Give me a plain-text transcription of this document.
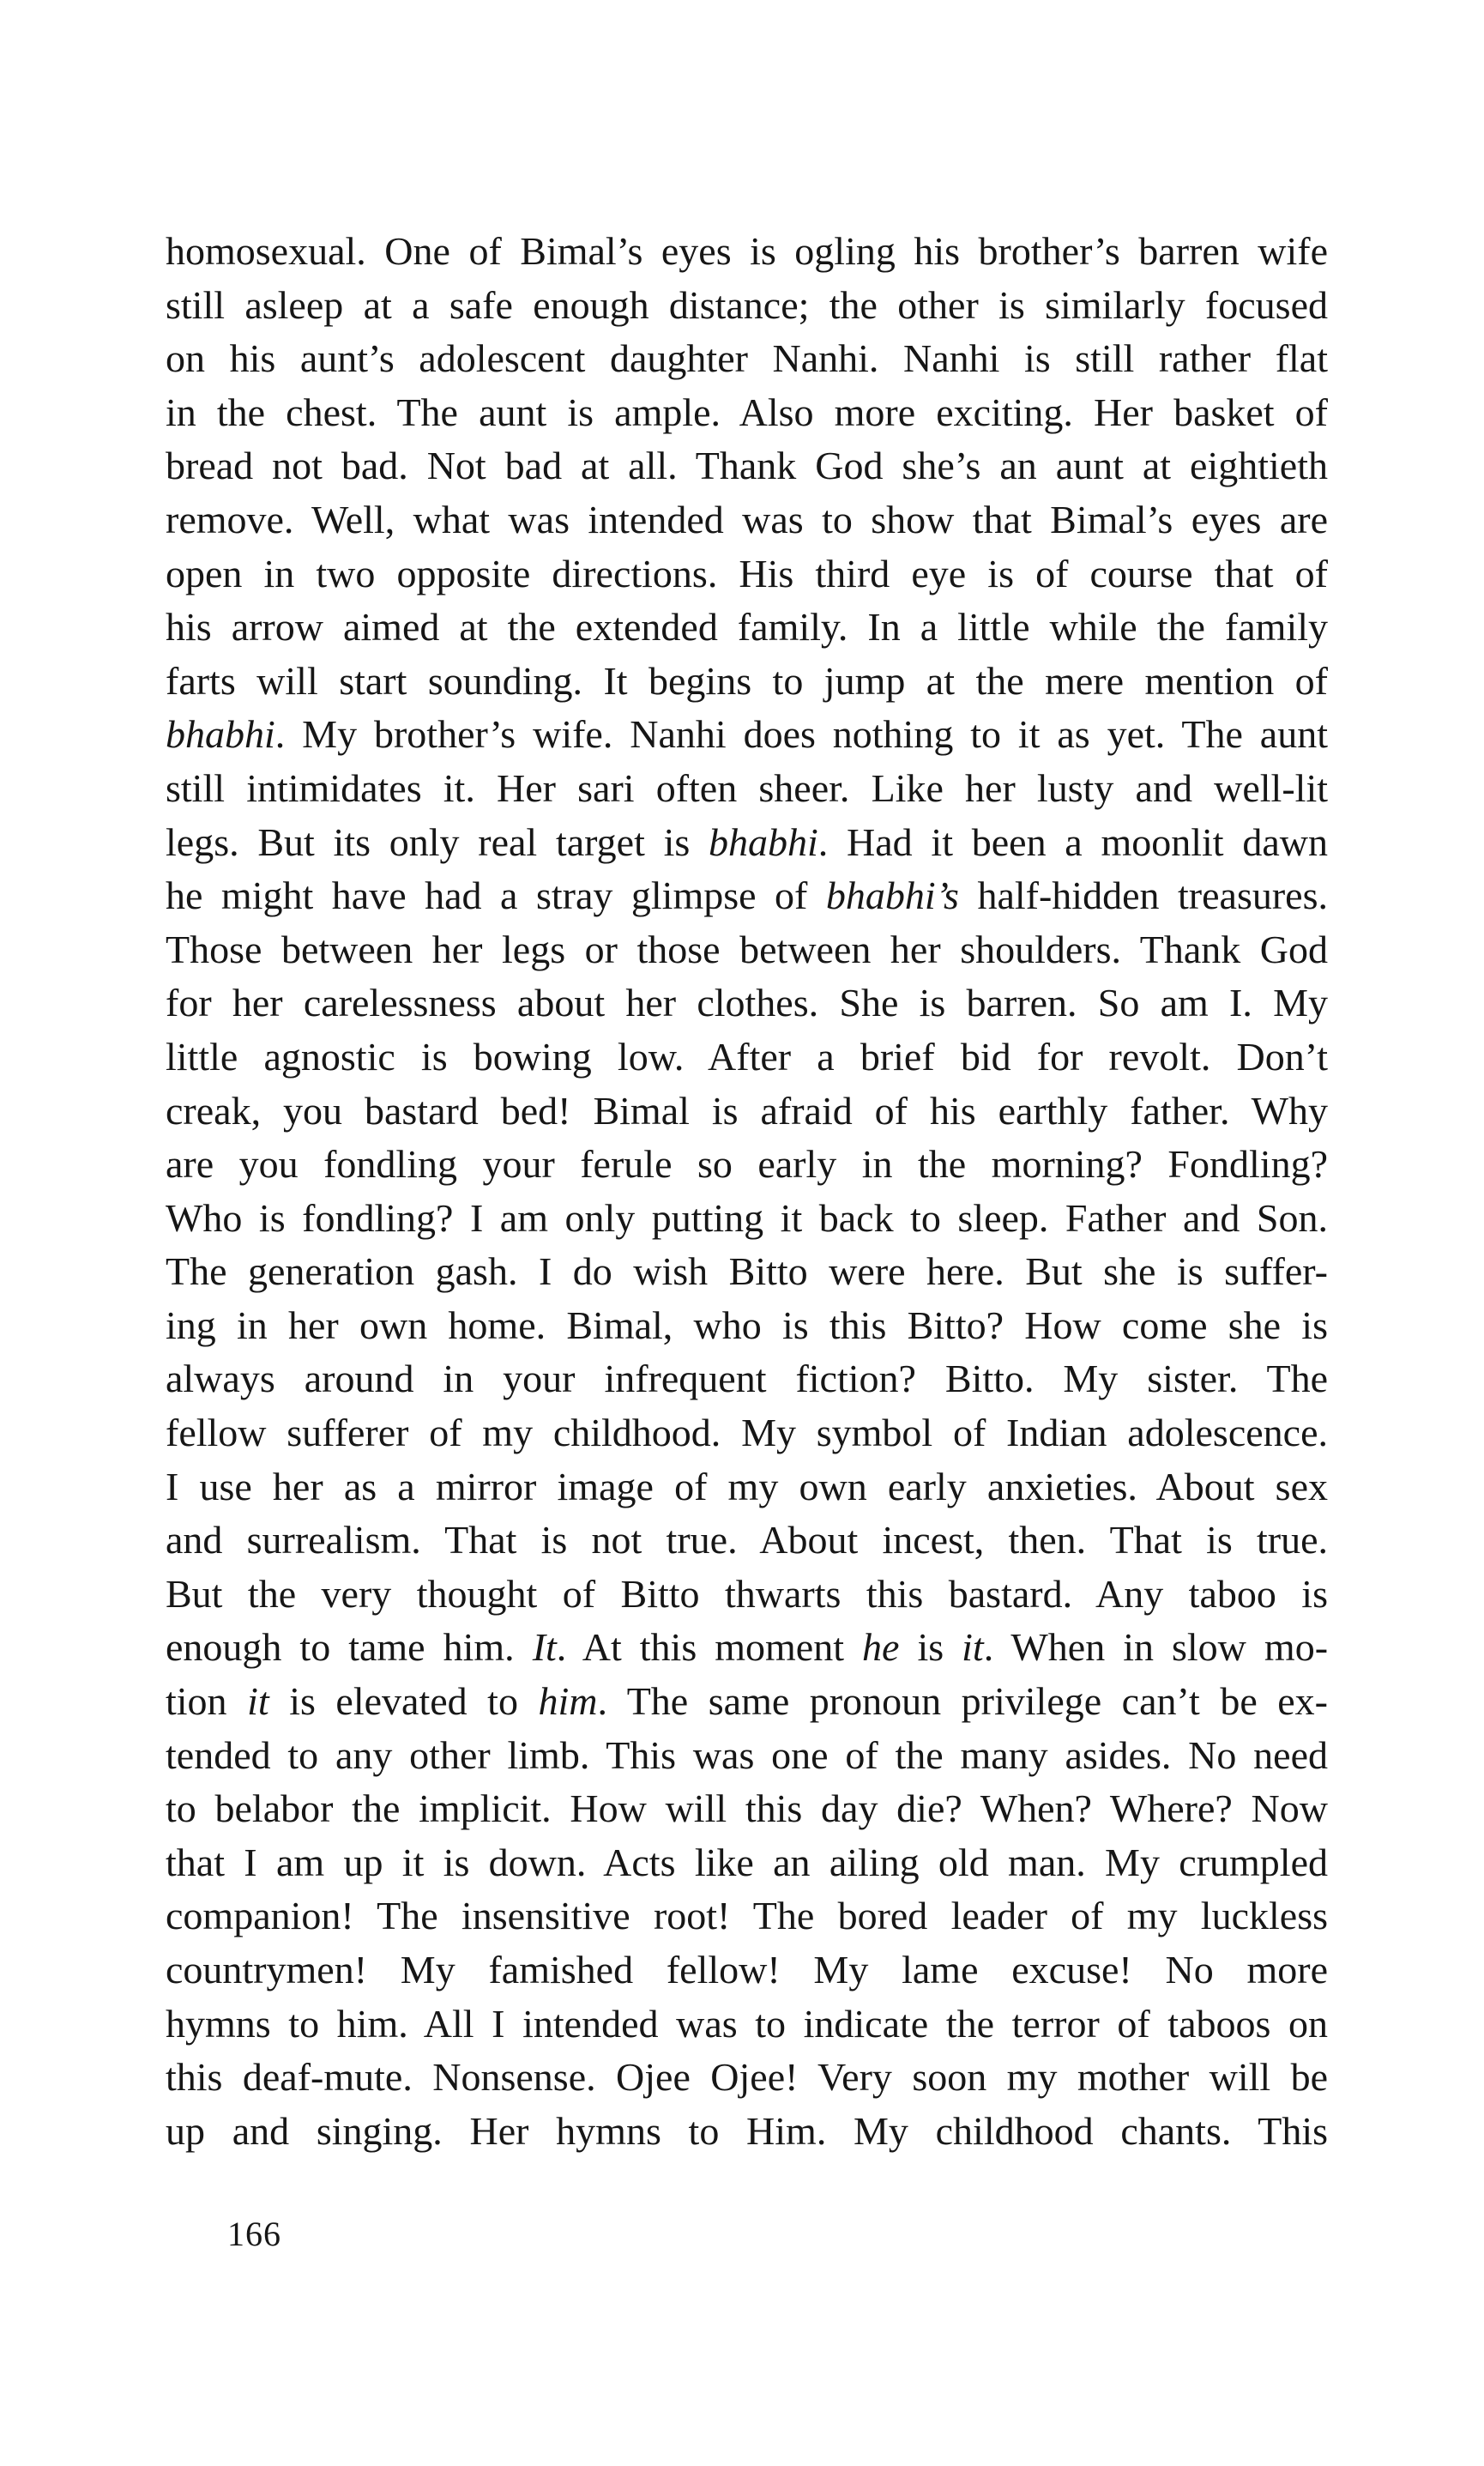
homosexual. One of Bimal’s eyes is ogling his brother’s barren wife
still asleep at a safe enough distance; the other is similarly focused
on his aunt’s adolescent daughter Nanhi. Nanhi is still rather flat
in the chest. The aunt is ample. Also more exciting. Her basket of
bread not bad. Not bad at all. Thank God she’s an aunt at eightieth
remove. Well, what was intended was to show that Bimal’s eyes are
open in two opposite directions. His third eye is of course that of
his arrow aimed at the extended family. In a little while the family
farts will start sounding. It begins to jump at the mere mention of
bhabhi. My brother’s wife. Nanhi does nothing to it as yet. The aunt
still intimidates it. Her sari often sheer. Like her lusty and well-lit
legs. But its only real target is bhabhi. Had it been a moonlit dawn
he might have had a stray glimpse of bhabhi’s half-hidden treasures.
Those between her legs or those between her shoulders. Thank God
for her carelessness about her clothes. She is barren. So am I. My
little agnostic is bowing low. After a brief bid for revolt. Don’t
creak, you bastard bed! Bimal is afraid of his earthly father. Why
are you fondling your ferule so early in the morning? Fondling?
Who is fondling? I am only putting it back to sleep. Father and Son.
The generation gash. I do wish Bitto were here. But she is suffer-
ing in her own home. Bimal, who is this Bitto? How come she is
always around in your infrequent fiction? Bitto. My sister. The
fellow sufferer of my childhood. My symbol of Indian adolescence.
I use her as a mirror image of my own early anxieties. About sex
and surrealism. That is not true. About incest, then. That is true.
But the very thought of Bitto thwarts this bastard. Any taboo is
enough to tame him. It. At this moment he is it. When in slow mo-
tion it is elevated to him. The same pronoun privilege can’t be ex-
tended to any other limb. This was one of the many asides. No need
to belabor the implicit. How will this day die? When? Where? Now
that I am up it is down. Acts like an ailing old man. My crumpled
companion! The insensitive root! The bored leader of my luckless
countrymen! My famished fellow! My lame excuse! No more
hymns to him. All I intended was to indicate the terror of taboos on
this deaf-mute. Nonsense. Ojee Ojee! Very soon my mother will be
up and singing. Her hymns to Him. My childhood chants. This
166
